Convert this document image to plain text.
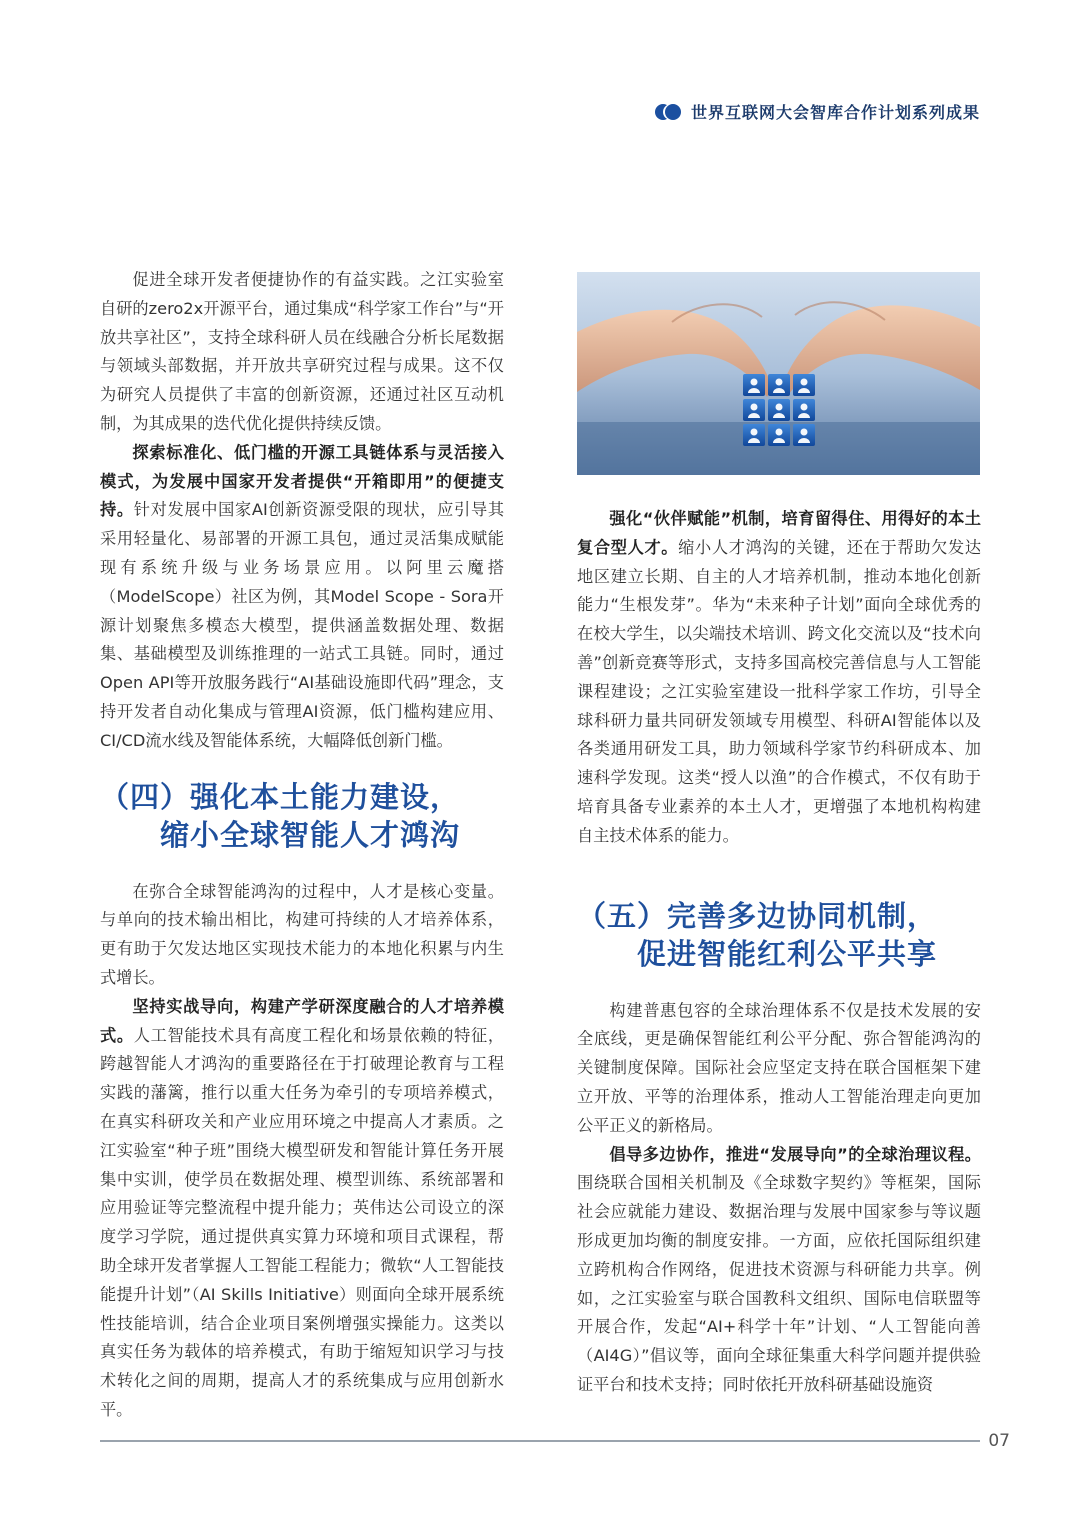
世界互联网大会智库合作计划系列成果

促进全球开发者便捷协作的有益实践。之江实验室自研的zero2x开源平台，通过集成“科学家工作台”与“开放共享社区”，支持全球科研人员在线融合分析长尾数据与领域头部数据，并开放共享研究过程与成果。这不仅为研究人员提供了丰富的创新资源，还通过社区互动机制，为其成果的迭代优化提供持续反馈。

探索标准化、低门槛的开源工具链体系与灵活接入模式，为发展中国家开发者提供“开箱即用”的便捷支持。针对发展中国家AI创新资源受限的现状，应引导其采用轻量化、易部署的开源工具包，通过灵活集成赋能现有系统升级与业务场景应用。以阿里云魔搭（ModelScope）社区为例，其Model Scope - Sora开源计划聚焦多模态大模型，提供涵盖数据处理、数据集、基础模型及训练推理的一站式工具链。同时，通过Open API等开放服务践行“AI基础设施即代码”理念，支持开发者自动化集成与管理AI资源，低门槛构建应用、CI/CD流水线及智能体系统，大幅降低创新门槛。

（四）强化本土能力建设，
缩小全球智能人才鸿沟

在弥合全球智能鸿沟的过程中，人才是核心变量。与单向的技术输出相比，构建可持续的人才培养体系，更有助于欠发达地区实现技术能力的本地化积累与内生式增长。

坚持实战导向，构建产学研深度融合的人才培养模式。人工智能技术具有高度工程化和场景依赖的特征，跨越智能人才鸿沟的重要路径在于打破理论教育与工程实践的藩篱，推行以重大任务为牵引的专项培养模式，在真实科研攻关和产业应用环境之中提高人才素质。之江实验室“种子班”围绕大模型研发和智能计算任务开展集中实训，使学员在数据处理、模型训练、系统部署和应用验证等完整流程中提升能力；英伟达公司设立的深度学习学院，通过提供真实算力环境和项目式课程，帮助全球开发者掌握人工智能工程能力；微软“人工智能技能提升计划”（AI Skills Initiative）则面向全球开展系统性技能培训，结合企业项目案例增强实操能力。这类以真实任务为载体的培养模式，有助于缩短知识学习与技术转化之间的周期，提高人才的系统集成与应用创新水平。

强化“伙伴赋能”机制，培育留得住、用得好的本土复合型人才。缩小人才鸿沟的关键，还在于帮助欠发达地区建立长期、自主的人才培养机制，推动本地化创新能力“生根发芽”。华为“未来种子计划”面向全球优秀的在校大学生，以尖端技术培训、跨文化交流以及“技术向善”创新竞赛等形式，支持多国高校完善信息与人工智能课程建设；之江实验室建设一批科学家工作坊，引导全球科研力量共同研发领域专用模型、科研AI智能体以及各类通用研发工具，助力领域科学家节约科研成本、加速科学发现。这类“授人以渔”的合作模式，不仅有助于培育具备专业素养的本土人才，更增强了本地机构构建自主技术体系的能力。

（五）完善多边协同机制，
促进智能红利公平共享

构建普惠包容的全球治理体系不仅是技术发展的安全底线，更是确保智能红利公平分配、弥合智能鸿沟的关键制度保障。国际社会应坚定支持在联合国框架下建立开放、平等的治理体系，推动人工智能治理走向更加公平正义的新格局。

倡导多边协作，推进“发展导向”的全球治理议程。围绕联合国相关机制及《全球数字契约》等框架，国际社会应就能力建设、数据治理与发展中国家参与等议题形成更加均衡的制度安排。一方面，应依托国际组织建立跨机构合作网络，促进技术资源与科研能力共享。例如，之江实验室与联合国教科文组织、国际电信联盟等开展合作，发起“AI+科学十年”计划、“人工智能向善（AI4G）”倡议等，面向全球征集重大科学问题并提供验证平台和技术支持；同时依托开放科研基础设施资

07
